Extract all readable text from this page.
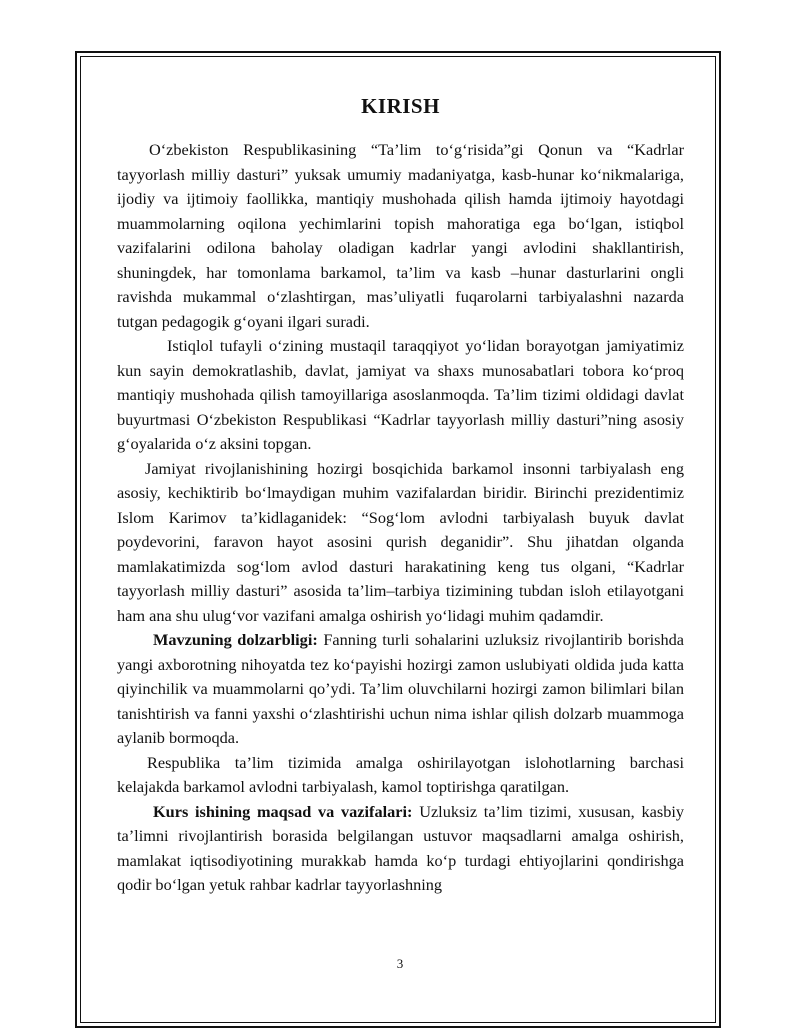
KIRISH

O‘zbekiston Respublikasining “Ta’lim to‘g‘risida”gi Qonun va “Kadrlar tayyorlash milliy dasturi” yuksak umumiy madaniyatga, kasb-hunar ko‘nikmalariga, ijodiy va ijtimoiy faollikka, mantiqiy mushohada qilish hamda ijtimoiy hayotdagi muammolarning oqilona yechimlarini topish mahoratiga ega bo‘lgan, istiqbol vazifalarini odilona baholay oladigan kadrlar yangi avlodini shakllantirish, shuningdek, har tomonlama barkamol, ta’lim va kasb –hunar dasturlarini ongli ravishda mukammal o‘zlashtirgan, mas’uliyatli fuqarolarni tarbiyalashni nazarda tutgan pedagogik g‘oyani ilgari suradi.

Istiqlol tufayli o‘zining mustaqil taraqqiyot yo‘lidan borayotgan jamiyatimiz kun sayin demokratlashib, davlat, jamiyat va shaxs munosabatlari tobora ko‘proq mantiqiy mushohada qilish tamoyillariga asoslanmoqda. Ta’lim tizimi oldidagi davlat buyurtmasi O‘zbekiston Respublikasi “Kadrlar tayyorlash milliy dasturi”ning asosiy g‘oyalarida o‘z aksini topgan.

Jamiyat rivojlanishining hozirgi bosqichida barkamol insonni tarbiyalash eng asosiy, kechiktirib bo‘lmaydigan muhim vazifalardan biridir. Birinchi prezidentimiz Islom Karimov ta’kidlaganidek: “Sog‘lom avlodni tarbiyalash buyuk davlat poydevorini, faravon hayot asosini qurish deganidir”. Shu jihatdan olganda mamlakatimizda sog‘lom avlod dasturi harakatining keng tus olgani, “Kadrlar tayyorlash milliy dasturi” asosida ta’lim–tarbiya tizimining tubdan isloh etilayotgani ham ana shu ulug‘vor vazifani amalga oshirish yo‘lidagi muhim qadamdir.

Mavzuning dolzarbligi: Fanning turli sohalarini uzluksiz rivojlantirib borishda yangi axborotning nihoyatda tez ko‘payishi hozirgi zamon uslubiyati oldida juda katta qiyinchilik va muammolarni qo’ydi. Ta’lim oluvchilarni hozirgi zamon bilimlari bilan tanishtirish va fanni yaxshi o‘zlashtirishi uchun nima ishlar qilish dolzarb muammoga aylanib bormoqda.

Respublika ta’lim tizimida amalga oshirilayotgan islohotlarning barchasi kelajakda barkamol avlodni tarbiyalash, kamol toptirishga qaratilgan.

Kurs ishining maqsad va vazifalari: Uzluksiz ta’lim tizimi, xususan, kasbiy ta’limni rivojlantirish borasida belgilangan ustuvor maqsadlarni amalga oshirish, mamlakat iqtisodiyotining murakkab hamda ko‘p turdagi ehtiyojlarini qondirishga qodir bo‘lgan yetuk rahbar kadrlar tayyorlashning

3
